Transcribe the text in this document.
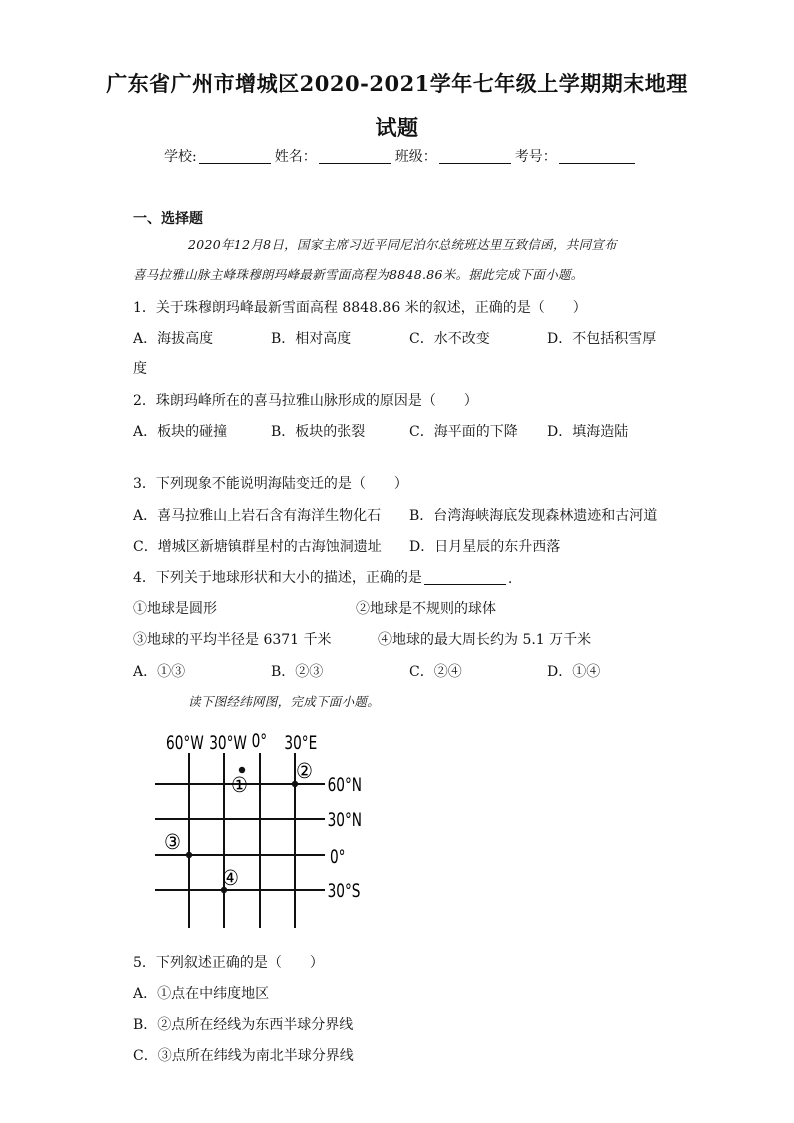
广东省广州市增城区2020-2021学年七年级上学期期末地理
试题
学校:	姓名：	班级：	考号：
一、选择题
2020年12月8日，国家主席习近平同尼泊尔总统班达里互致信函，共同宣布
喜马拉雅山脉主峰珠穆朗玛峰最新雪面高程为8848.86米。据此完成下面小题。
1．关于珠穆朗玛峰最新雪面高程 8848.86 米的叙述，正确的是（　　）
A．海拔高度	B．相对高度	C．水不改变	D．不包括积雪厚
度
2．珠朗玛峰所在的喜马拉雅山脉形成的原因是（　　）
A．板块的碰撞	B．板块的张裂	C．海平面的下降 D．填海造陆
3．下列现象不能说明海陆变迁的是（　　）
A．喜马拉雅山上岩石含有海洋生物化石 B．台湾海峡海底发现森林遗迹和古河道
C．增城区新塘镇群星村的古海蚀洞遗址 D．日月星辰的东升西落
4．下列关于地球形状和大小的描述，正确的是	.
①地球是圆形	②地球是不规则的球体
③地球的平均半径是 6371 千米	④地球的最大周长约为 5.1 万千米
A．①③	B．②③	C．②④	D．①④
读下图经纬网图，完成下面小题。
60°W 30°W 0° 30°E
60°N
30°N
0°
30°S
①
②
③
④
5．下列叙述正确的是（　　）
A．①点在中纬度地区
B．②点所在经线为东西半球分界线
C．③点所在纬线为南北半球分界线
